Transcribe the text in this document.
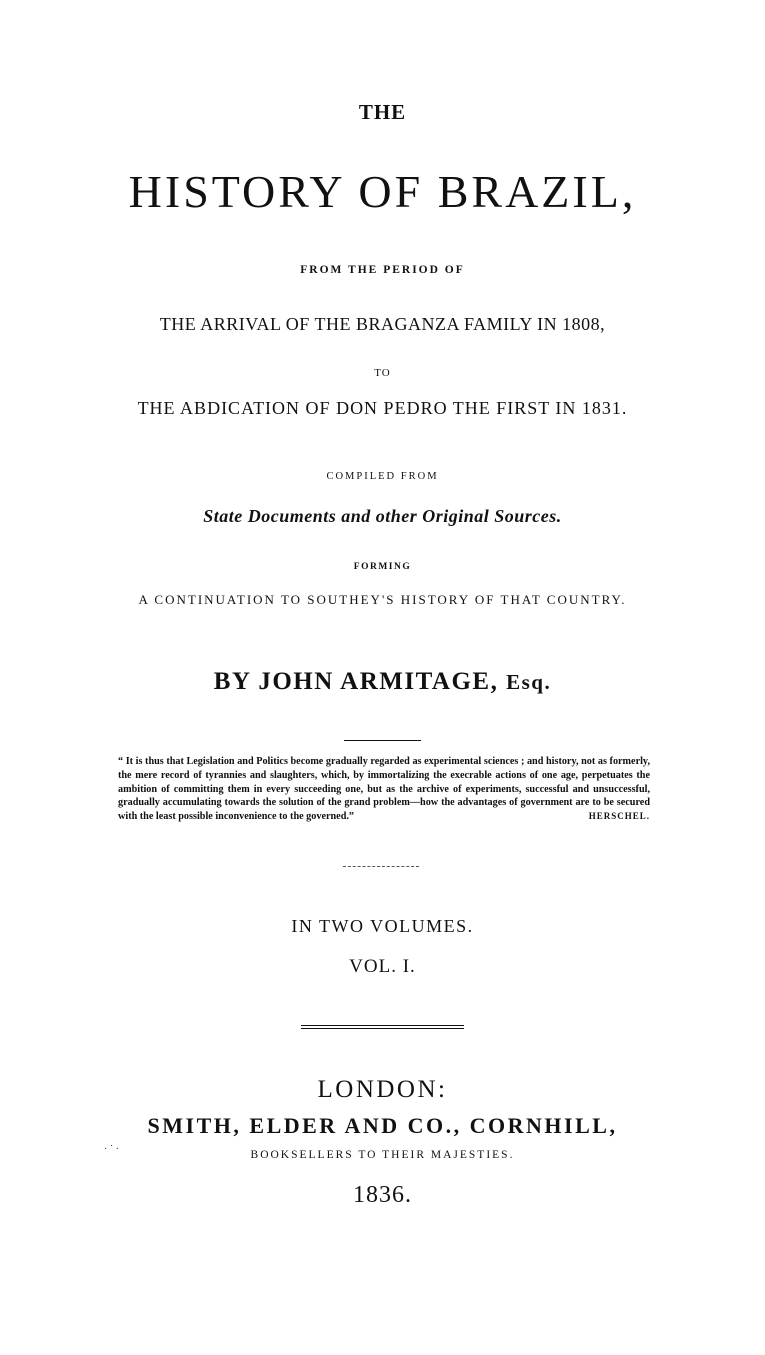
THE
HISTORY OF BRAZIL,
FROM THE PERIOD OF
THE ARRIVAL OF THE BRAGANZA FAMILY IN 1808,
TO
THE ABDICATION OF DON PEDRO THE FIRST IN 1831.
COMPILED FROM
State Documents and other Original Sources.
FORMING
A CONTINUATION TO SOUTHEY'S HISTORY OF THAT COUNTRY.
BY JOHN ARMITAGE, Esq.

“ It is thus that Legislation and Politics become gradually regarded as experimental sciences ; and history, not as formerly, the mere record of tyrannies and slaughters, which, by immortalizing the execrable actions of one age, perpetuates the ambition of committing them in every succeeding one, but as the archive of experiments, successful and unsuccessful, gradually accumulating towards the solution of the grand problem—how the advantages of government are to be secured with the least possible inconvenience to the governed.”	HERSCHEL.

IN TWO VOLUMES.
VOL. I.
LONDON:
SMITH, ELDER AND CO., CORNHILL,
· ˙ ·	BOOKSELLERS TO THEIR MAJESTIES.
1836.
